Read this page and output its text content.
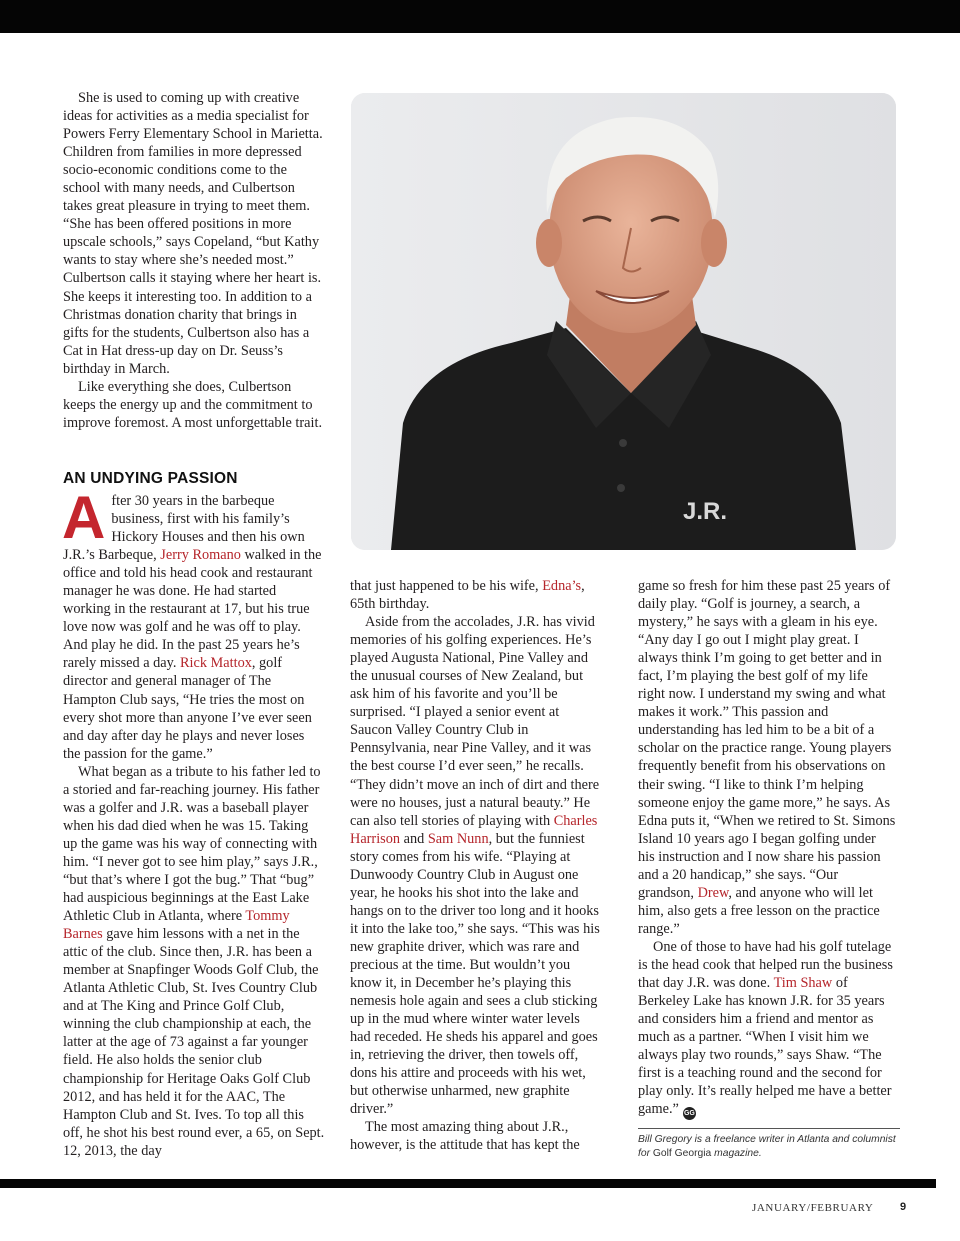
She is used to coming up with creative ideas for activities as a media specialist for Powers Ferry Elementary School in Marietta. Children from families in more depressed socio-economic conditions come to the school with many needs, and Culbertson takes great pleasure in trying to meet them. “She has been offered positions in more upscale schools,” says Copeland, “but Kathy wants to stay where she’s needed most.” Culbertson calls it staying where her heart is. She keeps it interesting too. In addition to a Christmas donation charity that brings in gifts for the students, Culbertson also has a Cat in Hat dress-up day on Dr. Seuss’s birthday in March.

Like everything she does, Culbertson keeps the energy up and the commitment to improve foremost. A most unforgettable trait.

AN UNDYING PASSION

After 30 years in the barbeque business, first with his family’s Hickory Houses and then his own J.R.’s Barbeque, Jerry Romano walked in the office and told his head cook and restaurant manager he was done. He had started working in the restaurant at 17, but his true love now was golf and he was off to play. And play he did. In the past 25 years he’s rarely missed a day. Rick Mattox, golf director and general manager of The Hampton Club says, “He tries the most on every shot more than anyone I’ve ever seen and day after day he plays and never loses the passion for the game.”

What began as a tribute to his father led to a storied and far-reaching journey. His father was a golfer and J.R. was a baseball player when his dad died when he was 15. Taking up the game was his way of connecting with him. “I never got to see him play,” says J.R., “but that’s where I got the bug.” That “bug” had auspicious beginnings at the East Lake Athletic Club in Atlanta, where Tommy Barnes gave him lessons with a net in the attic of the club. Since then, J.R. has been a member at Snapfinger Woods Golf Club, the Atlanta Athletic Club, St. Ives Country Club and at The King and Prince Golf Club, winning the club championship at each, the latter at the age of 73 against a far younger field. He also holds the senior club championship for Heritage Oaks Golf Club 2012, and has held it for the AAC, The Hampton Club and St. Ives. To top all this off, he shot his best round ever, a 65, on Sept. 12, 2013, the day

J.R.

that just happened to be his wife, Edna’s, 65th birthday.

Aside from the accolades, J.R. has vivid memories of his golfing experiences. He’s played Augusta National, Pine Valley and the unusual courses of New Zealand, but ask him of his favorite and you’ll be surprised. “I played a senior event at Saucon Valley Country Club in Pennsylvania, near Pine Valley, and it was the best course I’d ever seen,” he recalls. “They didn’t move an inch of dirt and there were no houses, just a natural beauty.” He can also tell stories of playing with Charles Harrison and Sam Nunn, but the funniest story comes from his wife. “Playing at Dunwoody Country Club in August one year, he hooks his shot into the lake and hangs on to the driver too long and it hooks it into the lake too,” she says. “This was his new graphite driver, which was rare and precious at the time. But wouldn’t you know it, in December he’s playing this nemesis hole again and sees a club sticking up in the mud where winter water levels had receded. He sheds his apparel and goes in, retrieving the driver, then towels off, dons his attire and proceeds with his wet, but otherwise unharmed, new graphite driver.”

The most amazing thing about J.R., however, is the attitude that has kept the

game so fresh for him these past 25 years of daily play. “Golf is journey, a search, a mystery,” he says with a gleam in his eye. “Any day I go out I might play great. I always think I’m going to get better and in fact, I’m playing the best golf of my life right now. I understand my swing and what makes it work.” This passion and understanding has led him to be a bit of a scholar on the practice range. Young players frequently benefit from his observations on their swing. “I like to think I’m helping someone enjoy the game more,” he says. As Edna puts it, “When we retired to St. Simons Island 10 years ago I began golfing under his instruction and I now share his passion and a 20 handicap,” she says. “Our grandson, Drew, and anyone who will let him, also gets a free lesson on the practice range.”

One of those to have had his golf tutelage is the head cook that helped run the business that day J.R. was done. Tim Shaw of Berkeley Lake has known J.R. for 35 years and considers him a friend and mentor as much as a partner. “When I visit him we always play two rounds,” says Shaw. “The first is a teaching round and the second for play only. It’s really helped me have a better game.” GG

Bill Gregory is a freelance writer in Atlanta and columnist for Golf Georgia magazine.
JANUARY/FEBRUARY 9
